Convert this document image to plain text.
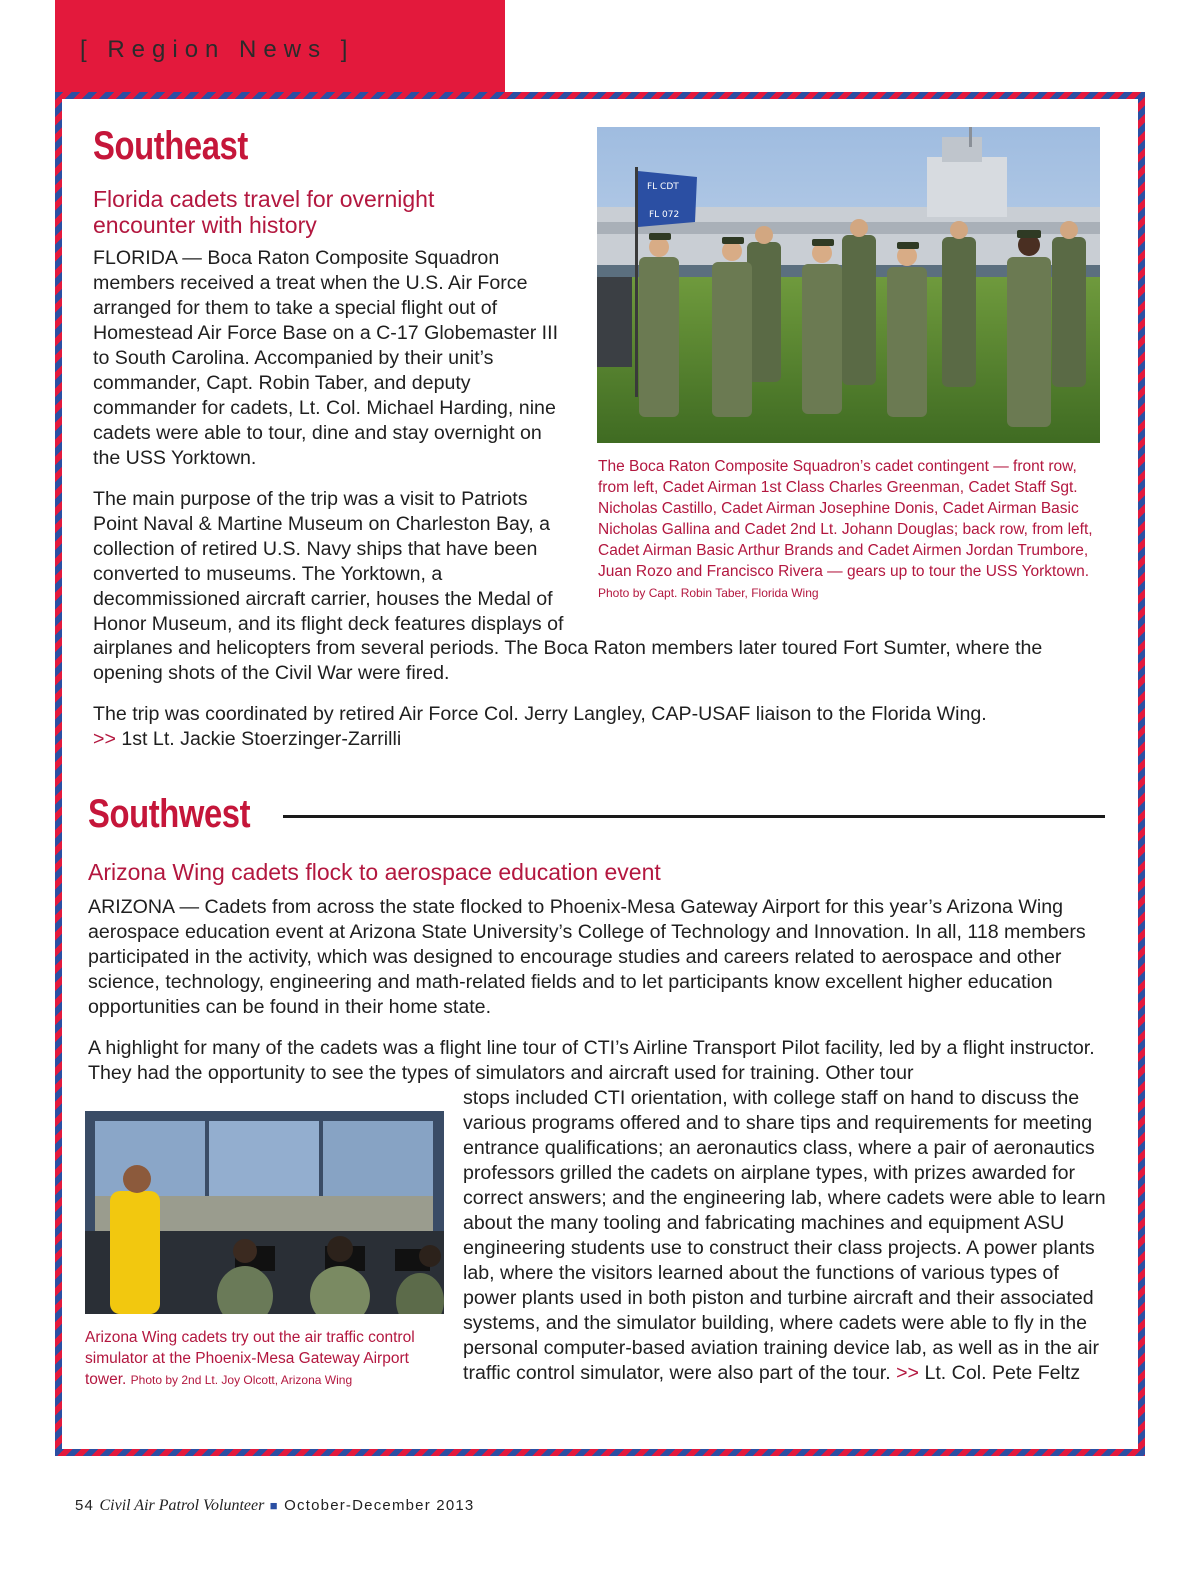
[ Region News ]
Southeast
Florida cadets travel for overnight encounter with history

FLORIDA — Boca Raton Composite Squadron members received a treat when the U.S. Air Force arranged for them to take a special flight out of Homestead Air Force Base on a C-17 Globemaster III to South Carolina. Accompanied by their unit’s commander, Capt. Robin Taber, and deputy commander for cadets, Lt. Col. Michael Harding, nine cadets were able to tour, dine and stay overnight on the USS Yorktown.

The main purpose of the trip was a visit to Patriots Point Naval & Martine Museum on Charleston Bay, a collection of retired U.S. Navy ships that have been converted to museums. The Yorktown, a decommissioned aircraft carrier, houses the Medal of Honor Museum, and its flight deck features displays of

airplanes and helicopters from several periods. The Boca Raton members later toured Fort Sumter, where the opening shots of the Civil War were fired.

The trip was coordinated by retired Air Force Col. Jerry Langley, CAP-USAF liaison to the Florida Wing.
>> 1st Lt. Jackie Stoerzinger-Zarrilli

FL CDT
FL 072
The Boca Raton Composite Squadron’s cadet contingent — front row, from left, Cadet Airman 1st Class Charles Greenman, Cadet Staff Sgt. Nicholas Castillo, Cadet Airman Josephine Donis, Cadet Airman Basic Nicholas Gallina and Cadet 2nd Lt. Johann Douglas; back row, from left, Cadet Airman Basic Arthur Brands and Cadet Airmen Jordan Trumbore, Juan Rozo and Francisco Rivera — gears up to tour the USS Yorktown. Photo by Capt. Robin Taber, Florida Wing
Southwest
Arizona Wing cadets flock to aerospace education event

ARIZONA — Cadets from across the state flocked to Phoenix-Mesa Gateway Airport for this year’s Arizona Wing aerospace education event at Arizona State University’s College of Technology and Innovation. In all, 118 members participated in the activity, which was designed to encourage studies and careers related to aerospace and other science, technology, engineering and math-related fields and to let participants know excellent higher education opportunities can be found in their home state.

A highlight for many of the cadets was a flight line tour of CTI’s Airline Transport Pilot facility, led by a flight instructor. They had the opportunity to see the types of simulators and aircraft used for training. Other tour

stops included CTI orientation, with college staff on hand to discuss the various programs offered and to share tips and requirements for meeting entrance qualifications; an aeronautics class, where a pair of aeronautics professors grilled the cadets on airplane types, with prizes awarded for correct answers; and the engineering lab, where cadets were able to learn about the many tooling and fabricating machines and equipment ASU engineering students use to construct their class projects. A power plants lab, where the visitors learned about the functions of various types of power plants used in both piston and turbine aircraft and their associated systems, and the simulator building, where cadets were able to fly in the personal computer-based aviation training device lab, as well as in the air traffic control simulator, were also part of the tour. >> Lt. Col. Pete Feltz

Arizona Wing cadets try out the air traffic control simulator at the Phoenix-Mesa Gateway Airport tower. Photo by 2nd Lt. Joy Olcott, Arizona Wing
54 Civil Air Patrol Volunteer ■ October-December 2013
